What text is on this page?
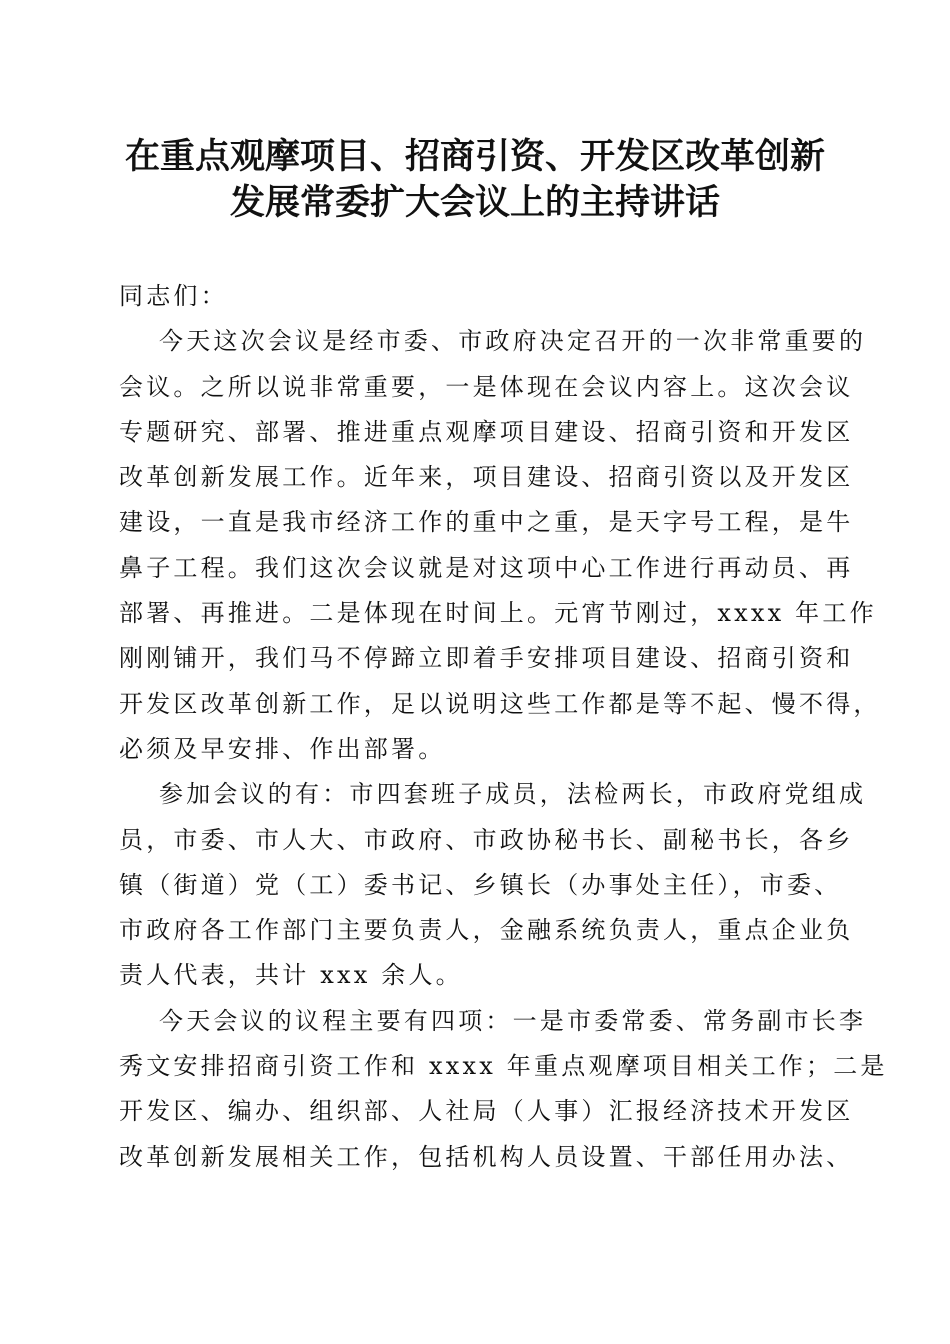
在重点观摩项目、招商引资、开发区改革创新
发展常委扩大会议上的主持讲话
同志们：
今天这次会议是经市委、市政府决定召开的一次非常重要的
会议。之所以说非常重要，一是体现在会议内容上。这次会议
专题研究、部署、推进重点观摩项目建设、招商引资和开发区
改革创新发展工作。近年来，项目建设、招商引资以及开发区
建设，一直是我市经济工作的重中之重，是天字号工程，是牛
鼻子工程。我们这次会议就是对这项中心工作进行再动员、再
部署、再推进。二是体现在时间上。元宵节刚过，xxxx 年工作
刚刚铺开，我们马不停蹄立即着手安排项目建设、招商引资和
开发区改革创新工作，足以说明这些工作都是等不起、慢不得，
必须及早安排、作出部署。
参加会议的有：市四套班子成员，法检两长，市政府党组成
员，市委、市人大、市政府、市政协秘书长、副秘书长，各乡
镇（街道）党（工）委书记、乡镇长（办事处主任），市委、
市政府各工作部门主要负责人，金融系统负责人，重点企业负
责人代表，共计 xxx 余人。
今天会议的议程主要有四项：一是市委常委、常务副市长李
秀文安排招商引资工作和 xxxx 年重点观摩项目相关工作；二是
开发区、编办、组织部、人社局（人事）汇报经济技术开发区
改革创新发展相关工作，包括机构人员设置、干部任用办法、
